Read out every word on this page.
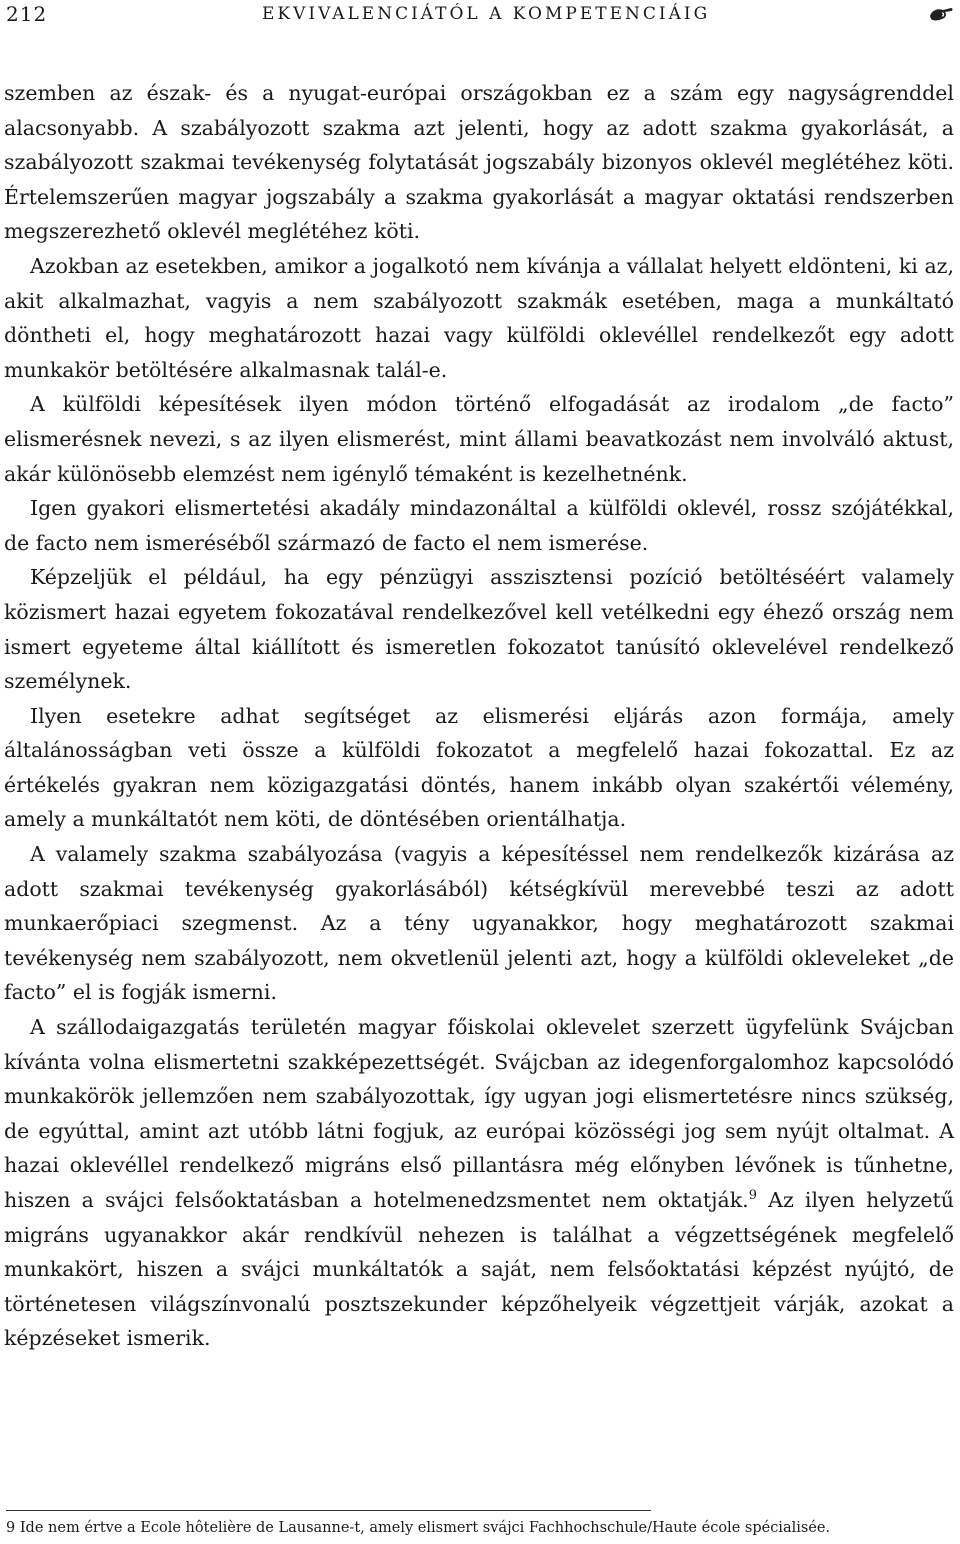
212	EKVIVALENCIÁTÓL A KOMPETENCIÁIG

szemben az észak- és a nyugat-európai országokban ez a szám egy nagyságrenddel alacsonyabb. A szabályozott szakma azt jelenti, hogy az adott szakma gyakorlását, a szabályozott szakmai tevékenység folytatását jogszabály bizonyos oklevél meglétéhez köti. Értelemszerűen magyar jogszabály a szakma gyakorlását a magyar oktatási rendszerben megszerezhető oklevél meglétéhez köti.

Azokban az esetekben, amikor a jogalkotó nem kívánja a vállalat helyett eldönteni, ki az, akit alkalmazhat, vagyis a nem szabályozott szakmák esetében, maga a munkáltató döntheti el, hogy meghatározott hazai vagy külföldi oklevéllel rendelkezőt egy adott munkakör betöltésére alkalmasnak talál-e.

A külföldi képesítések ilyen módon történő elfogadását az irodalom „de facto” elismerésnek nevezi, s az ilyen elismerést, mint állami beavatkozást nem involváló aktust, akár különösebb elemzést nem igénylő témaként is kezelhetnénk.

Igen gyakori elismertetési akadály mindazonáltal a külföldi oklevél, rossz szójátékkal, de facto nem ismeréséből származó de facto el nem ismerése.

Képzeljük el például, ha egy pénzügyi asszisztensi pozíció betöltéséért valamely közismert hazai egyetem fokozatával rendelkezővel kell vetélkedni egy éhező ország nem ismert egyeteme által kiállított és ismeretlen fokozatot tanúsító oklevelével rendelkező személynek.

Ilyen esetekre adhat segítséget az elismerési eljárás azon formája, amely általánosságban veti össze a külföldi fokozatot a megfelelő hazai fokozattal. Ez az értékelés gyakran nem közigazgatási döntés, hanem inkább olyan szakértői vélemény, amely a munkáltatót nem köti, de döntésében orientálhatja.

A valamely szakma szabályozása (vagyis a képesítéssel nem rendelkezők kizárása az adott szakmai tevékenység gyakorlásából) kétségkívül merevebbé teszi az adott munkaerőpiaci szegmenst. Az a tény ugyanakkor, hogy meghatározott szakmai tevékenység nem szabályozott, nem okvetlenül jelenti azt, hogy a külföldi okleveleket „de facto” el is fogják ismerni.

A szállodaigazgatás területén magyar főiskolai oklevelet szerzett ügyfelünk Svájcban kívánta volna elismertetni szakképezettségét. Svájcban az idegenforgalomhoz kapcsolódó munkakörök jellemzően nem szabályozottak, így ugyan jogi elismertetésre nincs szükség, de egyúttal, amint azt utóbb látni fogjuk, az európai közösségi jog sem nyújt oltalmat. A hazai oklevéllel rendelkező migráns első pillantásra még előnyben lévőnek is tűnhetne, hiszen a svájci felsőoktatásban a hotelmenedzsmentet nem oktatják.$^9$ Az ilyen helyzetű migráns ugyanakkor akár rendkívül nehezen is találhat a végzettségének megfelelő munkakört, hiszen a svájci munkáltatók a saját, nem felsőoktatási képzést nyújtó, de történetesen világszínvonalú posztszekunder képzőhelyeik végzettjeit várják, azokat a képzéseket ismerik.

9 Ide nem értve a Ecole hôtelière de Lausanne-t, amely elismert svájci Fachhochschule/Haute école spécialisée.
